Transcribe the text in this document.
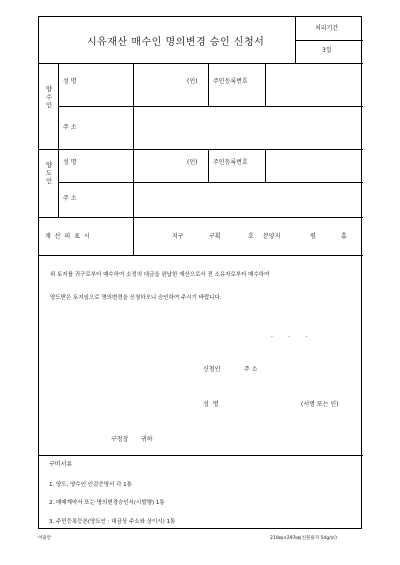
시유재산 매수인 명의변경 승인 신청서
처리기간
3일
양수인
성 명	(인)	주민등록번호
주 소
양도인
성 명	(인)	주민등록번호
주 소
재 산 의 표 시	지구	구획	호 분양지	평	홉
위 토지를 귀구로부터 매수하여 소정의 대금을 완납한 재산으로서 전 소유자로부터 매수하여
양도받은 토지임으로 명의변경을 신청하오니 승인하여 주시기 바랍니다.
.        .        .
신청인	주 소
성 명	(서명 또는 인)
구청장 귀하
구비서류
1. 양도, 양수인 인감증명서 각 1통
2. 매매계약서 또는 명의변경승인서(시발행) 1통
3. 주민등록등본(양도인 : 대금상 주소와 상이시) 1통
이용안	210㎜×297㎜(신문용지 54g/㎡)
